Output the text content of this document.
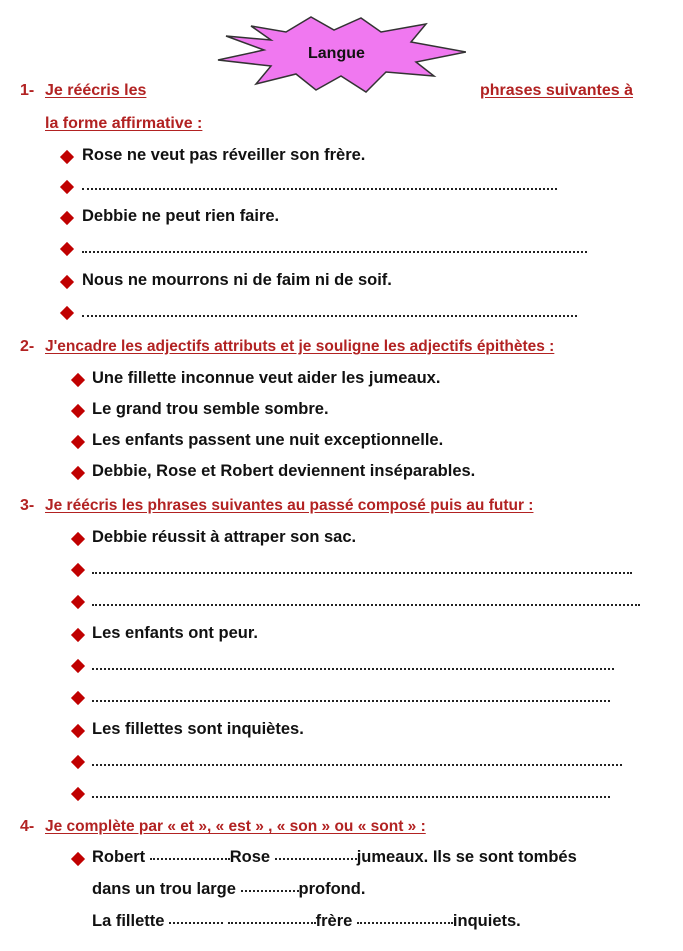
Langue
1- Je réécris les	phrases suivantes à
la forme affirmative :
Rose ne veut pas réveiller son frère.
Debbie ne peut rien faire.
Nous ne mourrons ni de faim ni de soif.
2- J'encadre les adjectifs attributs et je souligne les adjectifs épithètes :
Une fillette inconnue veut aider les jumeaux.
Le grand trou semble sombre.
Les enfants passent une nuit exceptionnelle.
Debbie, Rose et Robert deviennent inséparables.
3- Je réécris les phrases suivantes au passé composé puis au futur :
Debbie réussit à attraper son sac.
Les enfants ont peur.
Les fillettes sont inquiètes.
4- Je complète par « et », « est » , « son » ou « sont » :
Robert	Rose	jumeaux. Ils se sont tombés
dans un trou large	profond.
La fillette	frère	inquiets.
